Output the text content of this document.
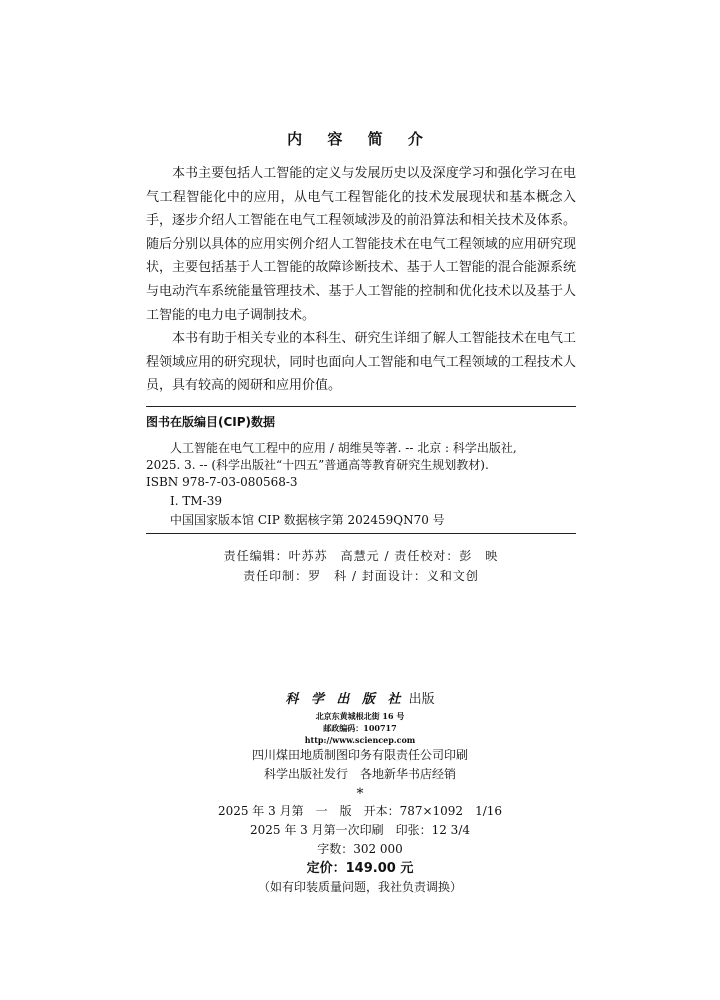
内 容 简 介

本书主要包括人工智能的定义与发展历史以及深度学习和强化学习在电气工程智能化中的应用，从电气工程智能化的技术发展现状和基本概念入手，逐步介绍人工智能在电气工程领域涉及的前沿算法和相关技术及体系。随后分别以具体的应用实例介绍人工智能技术在电气工程领域的应用研究现状，主要包括基于人工智能的故障诊断技术、基于人工智能的混合能源系统与电动汽车系统能量管理技术、基于人工智能的控制和优化技术以及基于人工智能的电力电子调制技术。

本书有助于相关专业的本科生、研究生详细了解人工智能技术在电气工程领域应用的研究现状，同时也面向人工智能和电气工程领域的工程技术人员，具有较高的阅研和应用价值。

图书在版编目(CIP)数据
人工智能在电气工程中的应用 / 胡维昊等著. -- 北京 : 科学出版社,
2025. 3. -- (科学出版社“十四五”普通高等教育研究生规划教材).
ISBN 978-7-03-080568-3
Ⅰ. TM-39
中国国家版本馆 CIP 数据核字第 202459QN70 号
责任编辑：叶苏苏　高慧元 / 责任校对：彭　映
责任印制：罗　科 / 封面设计：义和文创
科 学 出 版 社 出版
北京东黄城根北街 16 号
邮政编码：100717
http://www.sciencep.com
四川煤田地质制图印务有限责任公司印刷
科学出版社发行　各地新华书店经销
*
2025 年 3 月第　一　版　开本：787×1092　1/16
2025 年 3 月第一次印刷　印张：12 3/4
字数：302 000
定价：149.00 元
（如有印装质量问题，我社负责调换）
